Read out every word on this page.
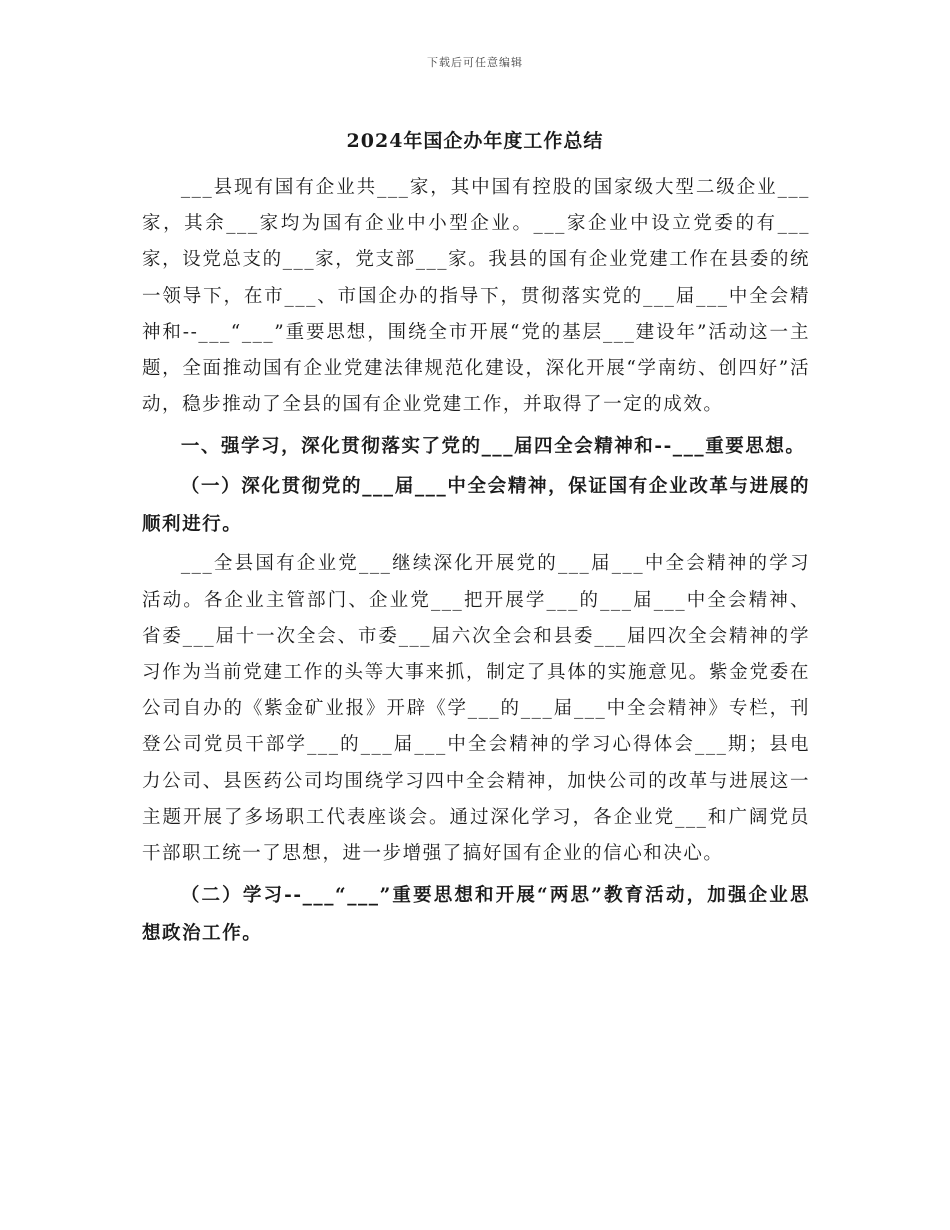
下载后可任意编辑
2024年国企办年度工作总结

___县现有国有企业共___家，其中国有控股的国家级大型二级企业___家，其余___家均为国有企业中小型企业。___家企业中设立党委的有___家，设党总支的___家，党支部___家。我县的国有企业党建工作在县委的统一领导下，在市___、市国企办的指导下，贯彻落实党的___届___中全会精神和--___“___”重要思想，围绕全市开展“党的基层___建设年”活动这一主题，全面推动国有企业党建法律规范化建设，深化开展“学南纺、创四好”活动，稳步推动了全县的国有企业党建工作，并取得了一定的成效。

一、强学习，深化贯彻落实了党的___届四全会精神和--___重要思想。

（一）深化贯彻党的___届___中全会精神，保证国有企业改革与进展的顺利进行。

___全县国有企业党___继续深化开展党的___届___中全会精神的学习活动。各企业主管部门、企业党___把开展学___的___届___中全会精神、省委___届十一次全会、市委___届六次全会和县委___届四次全会精神的学习作为当前党建工作的头等大事来抓，制定了具体的实施意见。紫金党委在公司自办的《紫金矿业报》开辟《学___的___届___中全会精神》专栏，刊登公司党员干部学___的___届___中全会精神的学习心得体会___期；县电力公司、县医药公司均围绕学习四中全会精神，加快公司的改革与进展这一主题开展了多场职工代表座谈会。通过深化学习，各企业党___和广阔党员干部职工统一了思想，进一步增强了搞好国有企业的信心和决心。

（二）学习--___“___”重要思想和开展“两思”教育活动，加强企业思想政治工作。
